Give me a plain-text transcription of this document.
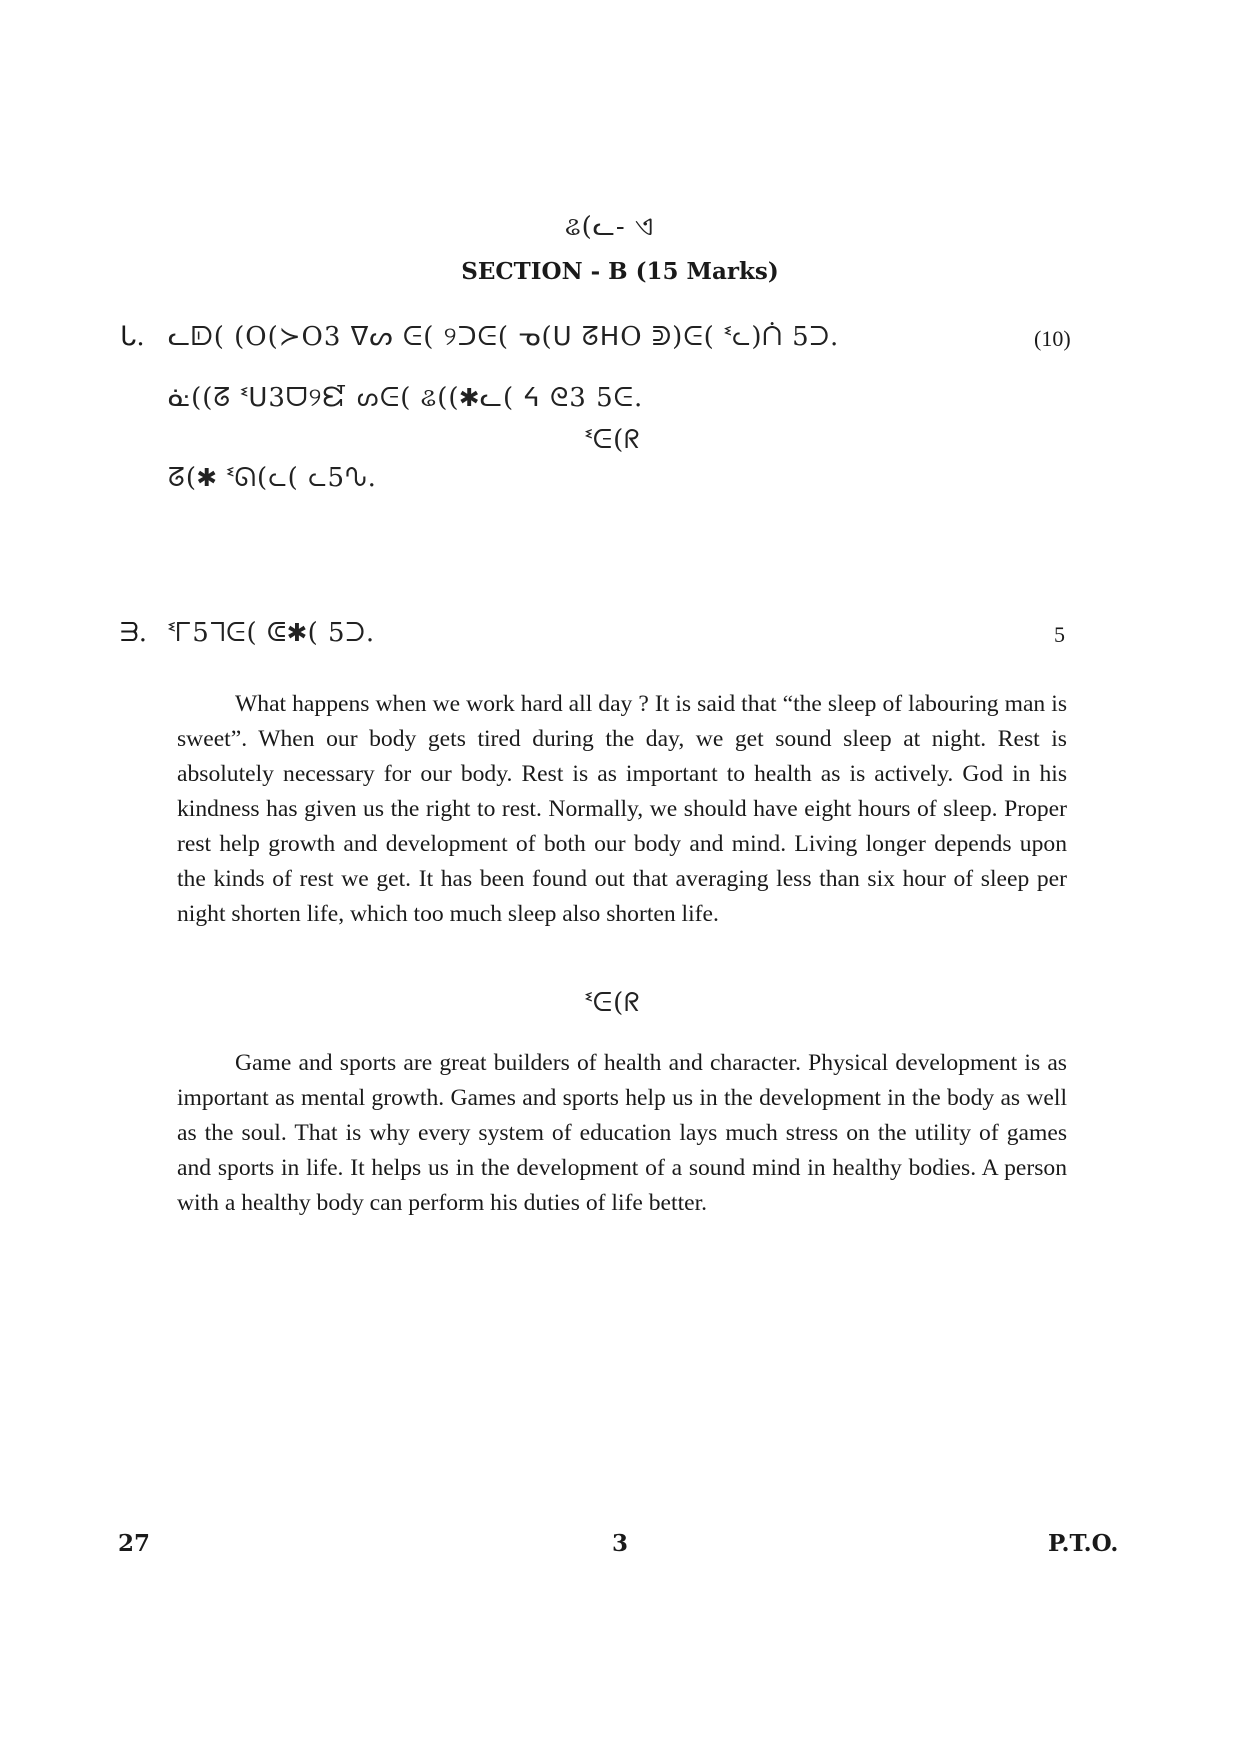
ଌ(ᓚ- ଏ
SECTION - B (15 Marks)
ᒐ. ᓚᗟ( (O(≻O3 ᐁᔕ ᕮ( ୨ᑐᕮ( ᓀ(ᑌ ᘔᕼO ᕲ)ᕮ( ᓫᓚ)ᑏ 5ᑐ.	(10)
ᓎ((ᘔ ᓫᑌ3ᗜ୨ᘿ ᔕᕮ( ଌ((✱ᓚ( ᔦ ᘓ3 5ᕮ.
ᓫᕮ(ᖇ
ᘔ(✱ ᓫᘏ(ᓚ( ᓚ5ᔐ.
ᗱ. ᓫᒥ5ᒣᕮ( ᕳ✱( 5ᑐ.	5

What happens when we work hard all day ? It is said that “the sleep of labouring man is sweet”. When our body gets tired during the day, we get sound sleep at night. Rest is absolutely necessary for our body. Rest is as important to health as is actively. God in his kindness has given us the right to rest. Normally, we should have eight hours of sleep. Proper rest help growth and development of both our body and mind. Living longer depends upon the kinds of rest we get. It has been found out that averaging less than six hour of sleep per night shorten life, which too much sleep also shorten life.

ᓫᕮ(ᖇ

Game and sports are great builders of health and character. Physical development is as important as mental growth. Games and sports help us in the development in the body as well as the soul. That is why every system of education lays much stress on the utility of games and sports in life. It helps us in the development of a sound mind in healthy bodies. A person with a healthy body can perform his duties of life better.

27	3	P.T.O.
